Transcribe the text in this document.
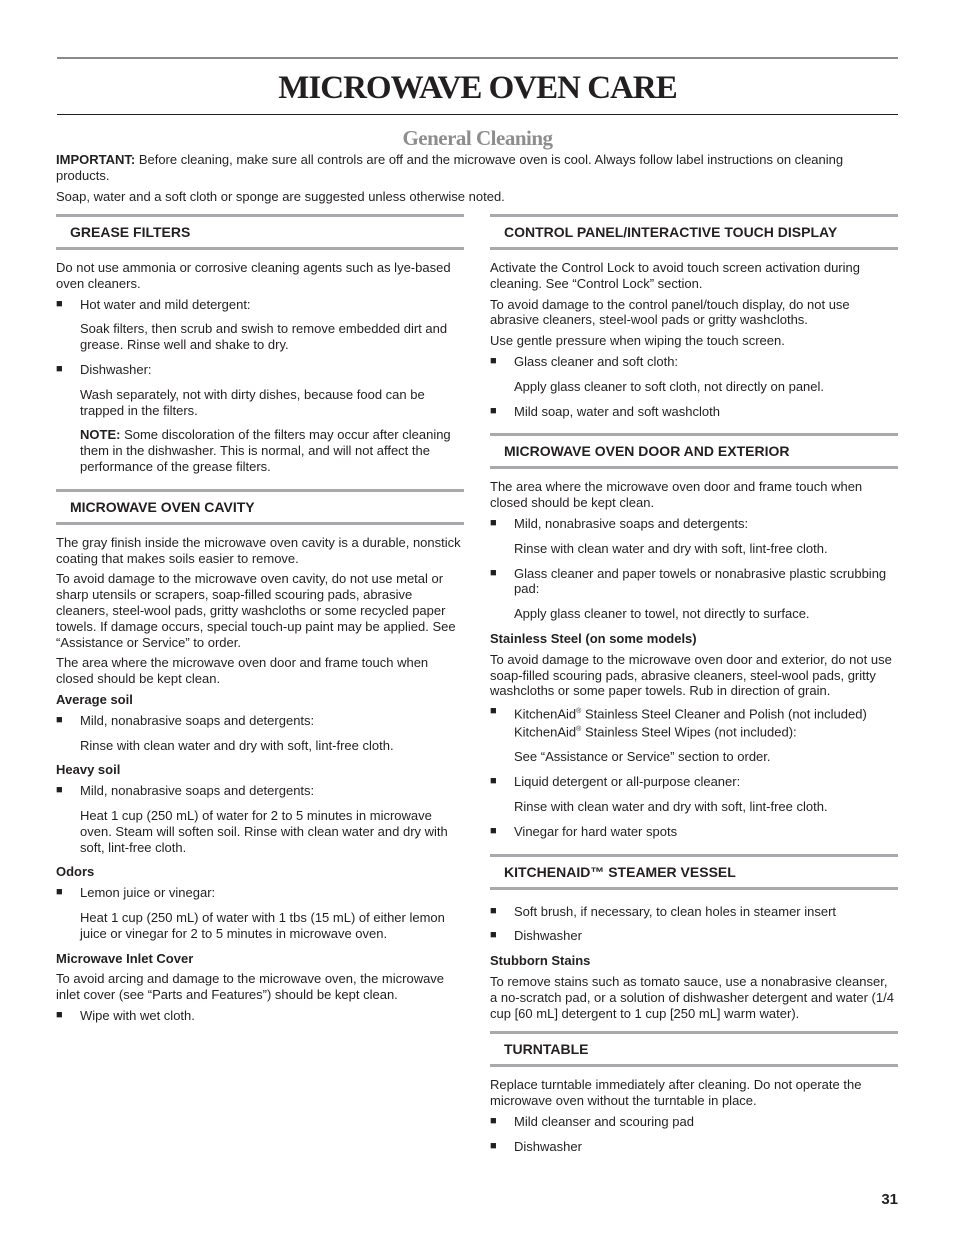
MICROWAVE OVEN CARE
General Cleaning

IMPORTANT: Before cleaning, make sure all controls are off and the microwave oven is cool. Always follow label instructions on cleaning products.

Soap, water and a soft cloth or sponge are suggested unless otherwise noted.

GREASE FILTERS

Do not use ammonia or corrosive cleaning agents such as lye-based oven cleaners.

■	Hot water and mild detergent:

Soak filters, then scrub and swish to remove embedded dirt and grease. Rinse well and shake to dry.

■	Dishwasher:

Wash separately, not with dirty dishes, because food can be trapped in the filters.

NOTE: Some discoloration of the filters may occur after cleaning them in the dishwasher. This is normal, and will not affect the performance of the grease filters.

MICROWAVE OVEN CAVITY

The gray finish inside the microwave oven cavity is a durable, nonstick coating that makes soils easier to remove.

To avoid damage to the microwave oven cavity, do not use metal or sharp utensils or scrapers, soap-filled scouring pads, abrasive cleaners, steel-wool pads, gritty washcloths or some recycled paper towels. If damage occurs, special touch-up paint may be applied. See “Assistance or Service” to order.

The area where the microwave oven door and frame touch when closed should be kept clean.

Average soil

■	Mild, nonabrasive soaps and detergents:

Rinse with clean water and dry with soft, lint-free cloth.

Heavy soil

■	Mild, nonabrasive soaps and detergents:

Heat 1 cup (250 mL) of water for 2 to 5 minutes in microwave oven. Steam will soften soil. Rinse with clean water and dry with soft, lint-free cloth.

Odors

■	Lemon juice or vinegar:

Heat 1 cup (250 mL) of water with 1 tbs (15 mL) of either lemon juice or vinegar for 2 to 5 minutes in microwave oven.

Microwave Inlet Cover

To avoid arcing and damage to the microwave oven, the microwave inlet cover (see “Parts and Features”) should be kept clean.

■	Wipe with wet cloth.
CONTROL PANEL/INTERACTIVE TOUCH DISPLAY

Activate the Control Lock to avoid touch screen activation during cleaning. See “Control Lock” section.

To avoid damage to the control panel/touch display, do not use abrasive cleaners, steel-wool pads or gritty washcloths.

Use gentle pressure when wiping the touch screen.

■	Glass cleaner and soft cloth:

Apply glass cleaner to soft cloth, not directly on panel.

■	Mild soap, water and soft washcloth
MICROWAVE OVEN DOOR AND EXTERIOR

The area where the microwave oven door and frame touch when closed should be kept clean.

■	Mild, nonabrasive soaps and detergents:

Rinse with clean water and dry with soft, lint-free cloth.

■	Glass cleaner and paper towels or nonabrasive plastic scrubbing pad:

Apply glass cleaner to towel, not directly to surface.

Stainless Steel (on some models)

To avoid damage to the microwave oven door and exterior, do not use soap-filled scouring pads, abrasive cleaners, steel-wool pads, gritty washcloths or some paper towels. Rub in direction of grain.

■	KitchenAid® Stainless Steel Cleaner and Polish (not included)
KitchenAid® Stainless Steel Wipes (not included):

See “Assistance or Service” section to order.

■	Liquid detergent or all-purpose cleaner:

Rinse with clean water and dry with soft, lint-free cloth.

■	Vinegar for hard water spots
KITCHENAID™ STEAMER VESSEL
■	Soft brush, if necessary, to clean holes in steamer insert
■	Dishwasher

Stubborn Stains

To remove stains such as tomato sauce, use a nonabrasive cleanser, a no-scratch pad, or a solution of dishwasher detergent and water (1/4 cup [60 mL] detergent to 1 cup [250 mL] warm water).

TURNTABLE

Replace turntable immediately after cleaning. Do not operate the microwave oven without the turntable in place.

■	Mild cleanser and scouring pad
■	Dishwasher
31
